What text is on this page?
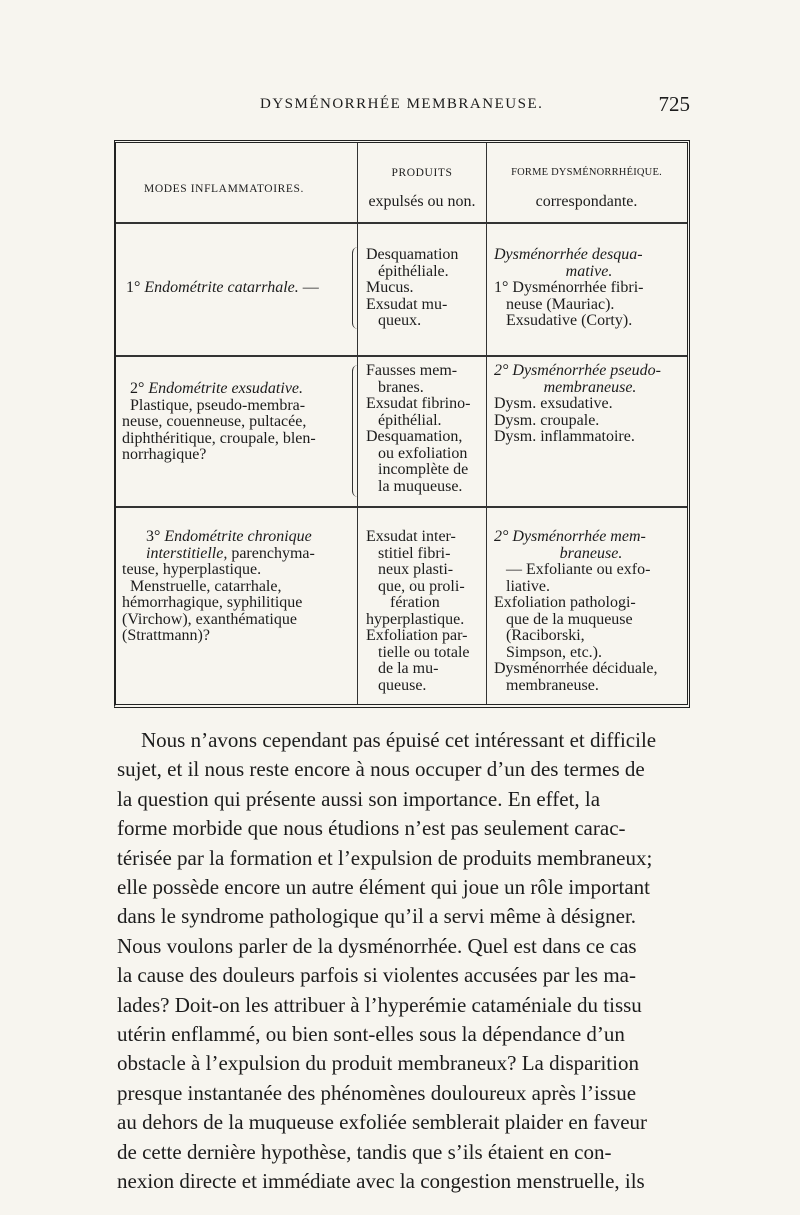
DYSMÉNORRHÉE MEMBRANEUSE.	725
MODES INFLAMMATOIRES.
PRODUITS
expulsés ou non.
FORME DYSMÉNORRHÉIQUE.
correspondante.
1° Endométrite catarrhale. —
Desquamation
épithéliale.
Mucus.
Exsudat mu-
queux.
Dysménorrhée desqua-
mative.
1° Dysménorrhée fibri-
neuse (Mauriac).
Exsudative (Corty).
2° Endométrite exsudative.
Plastique, pseudo-membra-
neuse, couenneuse, pultacée,
diphthéritique, croupale, blen-
norrhagique?
Fausses mem-
branes.
Exsudat fibrino-
épithélial.
Desquamation,
ou exfoliation
incomplète de
la muqueuse.
2° Dysménorrhée pseudo-
membraneuse.
Dysm. exsudative.
Dysm. croupale.
Dysm. inflammatoire.
3° Endométrite chronique interstitielle, parenchyma-
teuse, hyperplastique.
Menstruelle, catarrhale,
hémorrhagique, syphilitique
(Virchow), exanthématique
(Strattmann)?
Exsudat inter-
stitiel fibri-
neux plasti-
que, ou proli-
fération
hyperplastique.
Exfoliation par-
tielle ou totale
de la mu-
queuse.
2° Dysménorrhée mem-
braneuse.
— Exfoliante ou exfo-
liative.
Exfoliation pathologi-
que de la muqueuse
(Raciborski,
Simpson, etc.).
Dysménorrhée déciduale,
membraneuse.
Nous n’avons cependant pas épuisé cet intéressant et difficile
sujet, et il nous reste encore à nous occuper d’un des termes de
la question qui présente aussi son importance. En effet, la
forme morbide que nous étudions n’est pas seulement carac-
térisée par la formation et l’expulsion de produits membraneux;
elle possède encore un autre élément qui joue un rôle important
dans le syndrome pathologique qu’il a servi même à désigner.
Nous voulons parler de la dysménorrhée. Quel est dans ce cas
la cause des douleurs parfois si violentes accusées par les ma-
lades? Doit-on les attribuer à l’hyperémie cataméniale du tissu
utérin enflammé, ou bien sont-elles sous la dépendance d’un
obstacle à l’expulsion du produit membraneux? La disparition
presque instantanée des phénomènes douloureux après l’issue
au dehors de la muqueuse exfoliée semblerait plaider en faveur
de cette dernière hypothèse, tandis que s’ils étaient en con-
nexion directe et immédiate avec la congestion menstruelle, ils
